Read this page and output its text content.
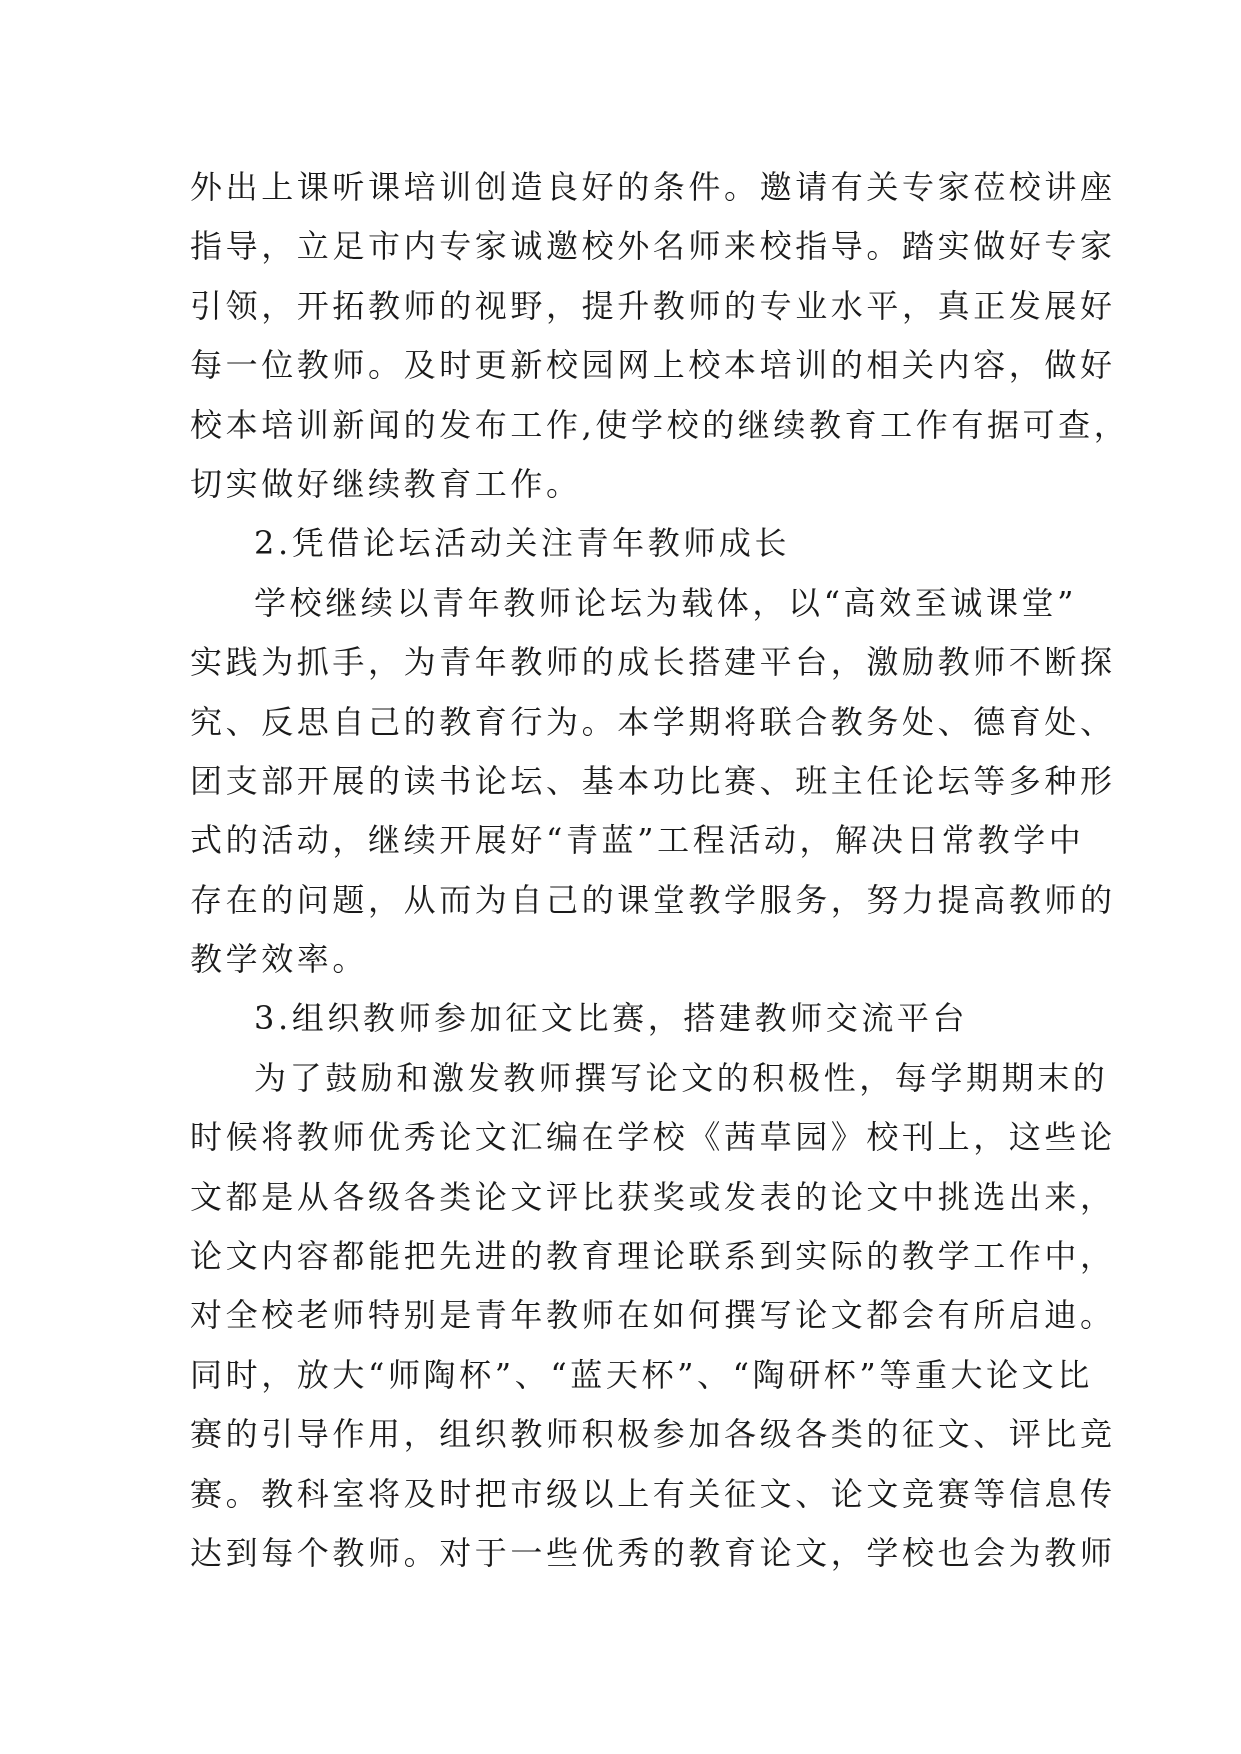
外出上课听课培训创造良好的条件。邀请有关专家莅校讲座
指导，立足市内专家诚邀校外名师来校指导。踏实做好专家
引领，开拓教师的视野，提升教师的专业水平，真正发展好
每一位教师。及时更新校园网上校本培训的相关内容，做好
校本培训新闻的发布工作,使学校的继续教育工作有据可查，
切实做好继续教育工作。
2.凭借论坛活动关注青年教师成长
学校继续以青年教师论坛为载体，以“高效至诚课堂”
实践为抓手，为青年教师的成长搭建平台，激励教师不断探
究、反思自己的教育行为。本学期将联合教务处、德育处、
团支部开展的读书论坛、基本功比赛、班主任论坛等多种形
式的活动，继续开展好“青蓝”工程活动，解决日常教学中
存在的问题，从而为自己的课堂教学服务，努力提高教师的
教学效率。
3.组织教师参加征文比赛，搭建教师交流平台
为了鼓励和激发教师撰写论文的积极性，每学期期末的
时候将教师优秀论文汇编在学校《茜草园》校刊上，这些论
文都是从各级各类论文评比获奖或发表的论文中挑选出来，
论文内容都能把先进的教育理论联系到实际的教学工作中，
对全校老师特别是青年教师在如何撰写论文都会有所启迪。
同时，放大“师陶杯”、“蓝天杯”、“陶研杯”等重大论文比
赛的引导作用，组织教师积极参加各级各类的征文、评比竞
赛。教科室将及时把市级以上有关征文、论文竞赛等信息传
达到每个教师。对于一些优秀的教育论文，学校也会为教师
